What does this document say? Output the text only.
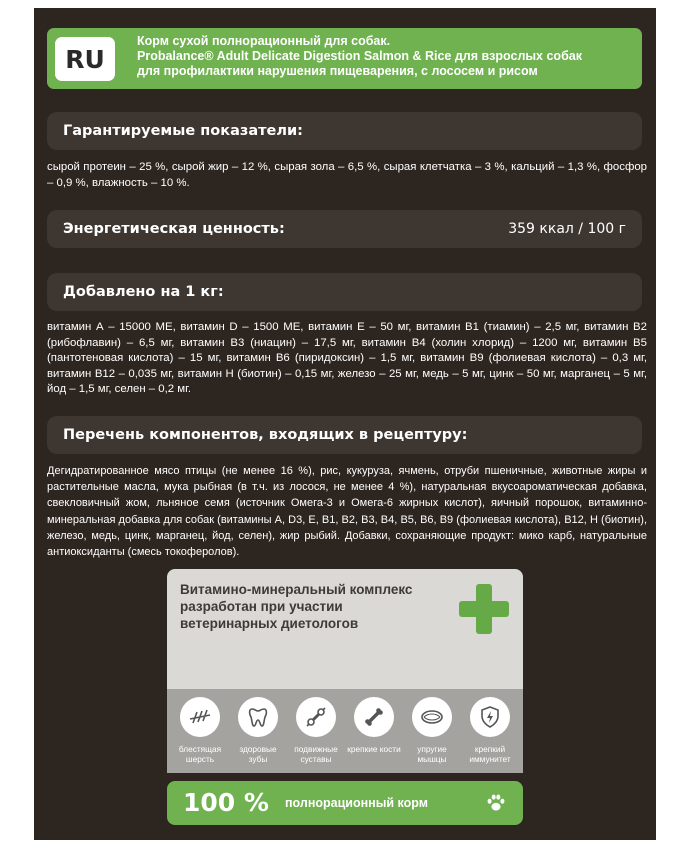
RU
Корм сухой полнорационный для собак.
Probalance® Adult Delicate Digestion Salmon & Rice для взрослых собак
для профилактики нарушения пищеварения, с лососем и рисом
Гарантируемые показатели:
сырой протеин – 25 %, сырой жир – 12 %, сырая зола – 6,5 %, сырая клетчатка – 3 %, кальций – 1,3 %, фосфор – 0,9 %, влажность – 10 %.
Энергетическая ценность:	359 ккал / 100 г
Добавлено на 1 кг:
витамин А – 15000 МЕ, витамин D – 1500 МЕ, витамин Е – 50 мг, витамин В1 (тиамин) – 2,5 мг, витамин В2 (рибофлавин) – 6,5 мг, витамин В3 (ниацин) – 17,5 мг, витамин В4 (холин хлорид) – 1200 мг, витамин В5 (пантотеновая кислота) – 15 мг, витамин В6 (пиридоксин) – 1,5 мг, витамин В9 (фолиевая кислота) – 0,3 мг, витамин В12 – 0,035 мг, витамин Н (биотин) – 0,15 мг, железо – 25 мг, медь – 5 мг, цинк – 50 мг, марганец – 5 мг, йод – 1,5 мг, селен – 0,2 мг.
Перечень компонентов, входящих в рецептуру:
Дегидратированное мясо птицы (не менее 16 %), рис, кукуруза, ячмень, отруби пшеничные, животные жиры и растительные масла, мука рыбная (в т.ч. из лосося, не менее 4 %), натуральная вкусоароматическая добавка, свекловичный жом, льняное семя (источник Омега-3 и Омега-6 жирных кислот), яичный порошок, витаминно-минеральная добавка для собак (витамины А, D3, Е, В1, В2, В3, В4, В5, В6, В9 (фолиевая кислота), В12, Н (биотин), железо, медь, цинк, марганец, йод, селен), жир рыбий. Добавки, сохраняющие продукт: мико карб, натуральные антиоксиданты (смесь токоферолов).
Витамино-минеральный комплекс разработан при участии ветеринарных диетологов
блестящая шерсть
здоровые зубы
подвижные суставы
крепкие кости	упругие мышцы
крепкий иммунитет
100 % полнорационный корм
